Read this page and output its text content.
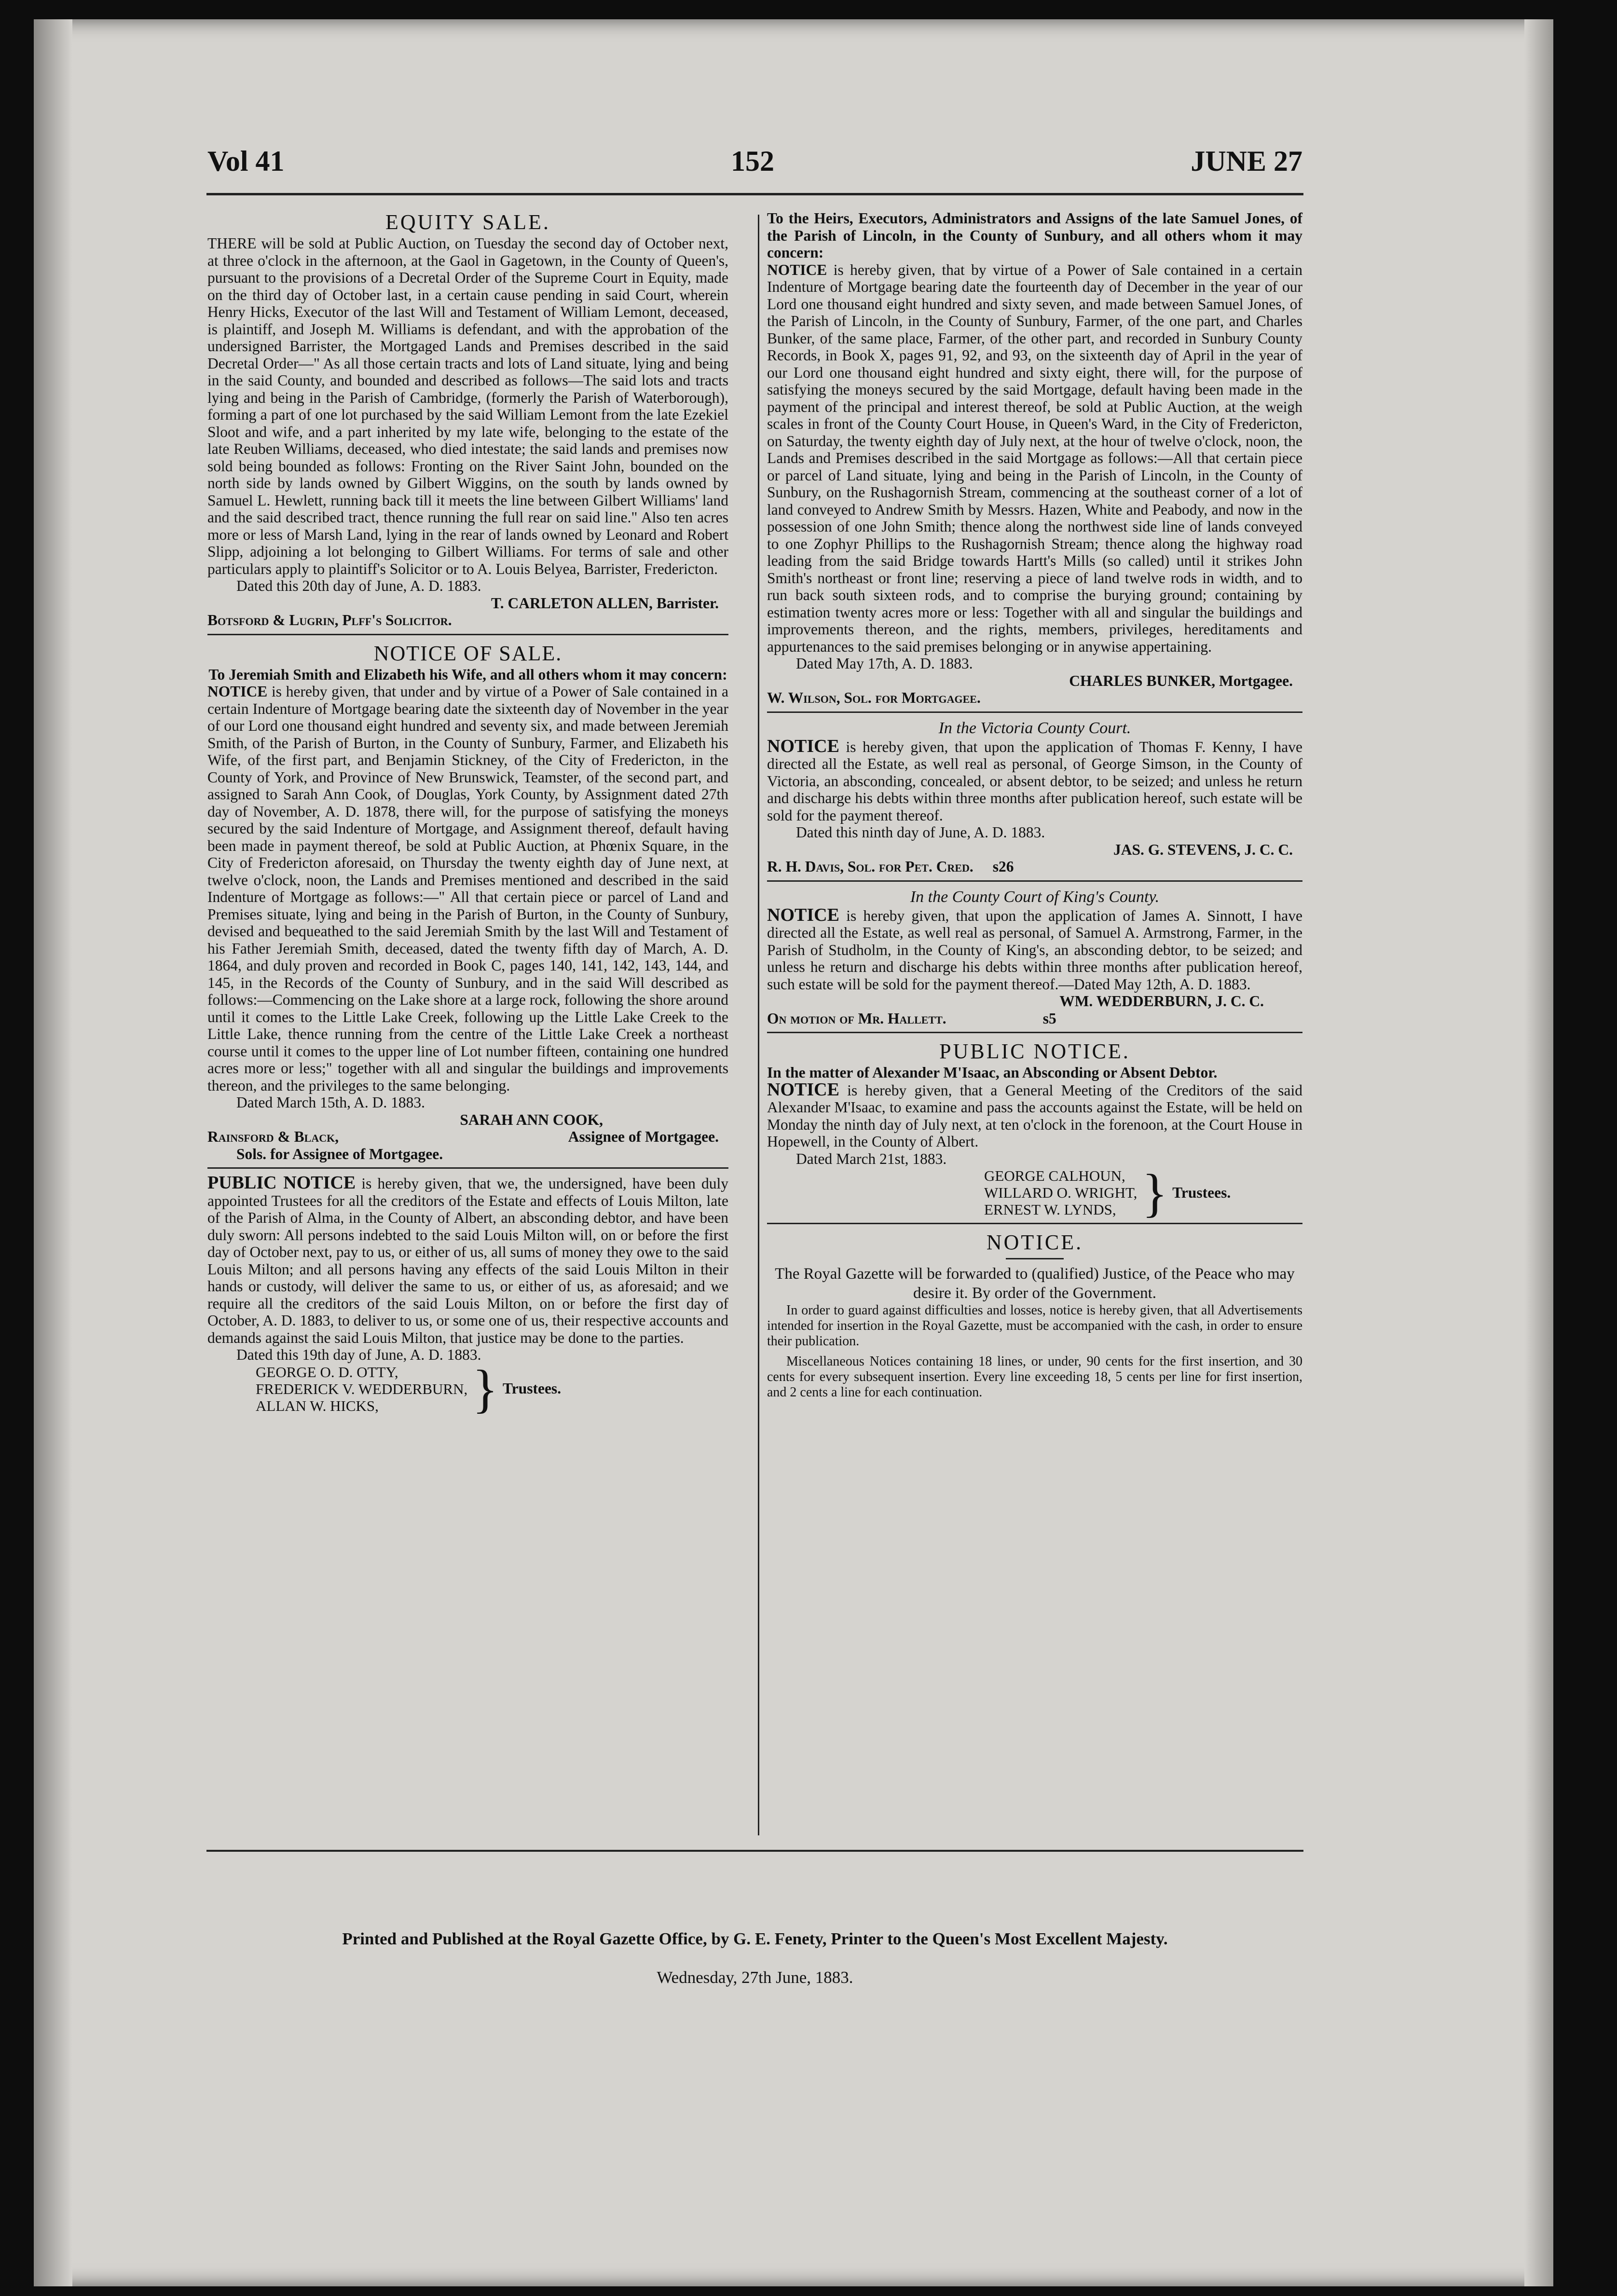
Vol 41	152	JUNE 27

EQUITY SALE.

THERE will be sold at Public Auction, on Tuesday the second day of October next, at three o'clock in the afternoon, at the Gaol in Gagetown, in the County of Queen's, pursuant to the provisions of a Decretal Order of the Supreme Court in Equity, made on the third day of October last, in a certain cause pending in said Court, wherein Henry Hicks, Executor of the last Will and Testament of William Lemont, deceased, is plaintiff, and Joseph M. Williams is defendant, and with the approbation of the undersigned Barrister, the Mortgaged Lands and Premises described in the said Decretal Order—" As all those certain tracts and lots of Land situate, lying and being in the said County, and bounded and described as follows—The said lots and tracts lying and being in the Parish of Cambridge, (formerly the Parish of Waterborough), forming a part of one lot purchased by the said William Lemont from the late Ezekiel Sloot and wife, and a part inherited by my late wife, belonging to the estate of the late Reuben Williams, deceased, who died intestate; the said lands and premises now sold being bounded as follows: Fronting on the River Saint John, bounded on the north side by lands owned by Gilbert Wiggins, on the south by lands owned by Samuel L. Hewlett, running back till it meets the line between Gilbert Williams' land and the said described tract, thence running the full rear on said line." Also ten acres more or less of Marsh Land, lying in the rear of lands owned by Leonard and Robert Slipp, adjoining a lot belonging to Gilbert Williams. For terms of sale and other particulars apply to plaintiff's Solicitor or to A. Louis Belyea, Barrister, Fredericton.

Dated this 20th day of June, A. D. 1883.

T. CARLETON ALLEN, Barrister.

Botsford & Lugrin, Plff's Solicitor.

NOTICE OF SALE.

To Jeremiah Smith and Elizabeth his Wife, and all others whom it may concern:

NOTICE is hereby given, that under and by virtue of a Power of Sale contained in a certain Indenture of Mortgage bearing date the sixteenth day of November in the year of our Lord one thousand eight hundred and seventy six, and made between Jeremiah Smith, of the Parish of Burton, in the County of Sunbury, Farmer, and Elizabeth his Wife, of the first part, and Benjamin Stickney, of the City of Fredericton, in the County of York, and Province of New Brunswick, Teamster, of the second part, and assigned to Sarah Ann Cook, of Douglas, York County, by Assignment dated 27th day of November, A. D. 1878, there will, for the purpose of satisfying the moneys secured by the said Indenture of Mortgage, and Assignment thereof, default having been made in payment thereof, be sold at Public Auction, at Phœnix Square, in the City of Fredericton aforesaid, on Thursday the twenty eighth day of June next, at twelve o'clock, noon, the Lands and Premises mentioned and described in the said Indenture of Mortgage as follows:—" All that certain piece or parcel of Land and Premises situate, lying and being in the Parish of Burton, in the County of Sunbury, devised and bequeathed to the said Jeremiah Smith by the last Will and Testament of his Father Jeremiah Smith, deceased, dated the twenty fifth day of March, A. D. 1864, and duly proven and recorded in Book C, pages 140, 141, 142, 143, 144, and 145, in the Records of the County of Sunbury, and in the said Will described as follows:—Commencing on the Lake shore at a large rock, following the shore around until it comes to the Little Lake Creek, following up the Little Lake Creek to the Little Lake, thence running from the centre of the Little Lake Creek a northeast course until it comes to the upper line of Lot number fifteen, containing one hundred acres more or less;" together with all and singular the buildings and improvements thereon, and the privileges to the same belonging.

Dated March 15th, A. D. 1883.

SARAH ANN COOK,

Rainsford & Black,	Assignee of Mortgagee.

Sols. for Assignee of Mortgagee.

PUBLIC NOTICE is hereby given, that we, the undersigned, have been duly appointed Trustees for all the creditors of the Estate and effects of Louis Milton, late of the Parish of Alma, in the County of Albert, an absconding debtor, and have been duly sworn: All persons indebted to the said Louis Milton will, on or before the first day of October next, pay to us, or either of us, all sums of money they owe to the said Louis Milton; and all persons having any effects of the said Louis Milton in their hands or custody, will deliver the same to us, or either of us, as aforesaid; and we require all the creditors of the said Louis Milton, on or before the first day of October, A. D. 1883, to deliver to us, or some one of us, their respective accounts and demands against the said Louis Milton, that justice may be done to the parties.

Dated this 19th day of June, A. D. 1883.

GEORGE O. D. OTTY,
FREDERICK V. WEDDERBURN,
ALLAN W. HICKS,	} Trustees.

To the Heirs, Executors, Administrators and Assigns of the late Samuel Jones, of the Parish of Lincoln, in the County of Sunbury, and all others whom it may concern:

NOTICE is hereby given, that by virtue of a Power of Sale contained in a certain Indenture of Mortgage bearing date the fourteenth day of December in the year of our Lord one thousand eight hundred and sixty seven, and made between Samuel Jones, of the Parish of Lincoln, in the County of Sunbury, Farmer, of the one part, and Charles Bunker, of the same place, Farmer, of the other part, and recorded in Sunbury County Records, in Book X, pages 91, 92, and 93, on the sixteenth day of April in the year of our Lord one thousand eight hundred and sixty eight, there will, for the purpose of satisfying the moneys secured by the said Mortgage, default having been made in the payment of the principal and interest thereof, be sold at Public Auction, at the weigh scales in front of the County Court House, in Queen's Ward, in the City of Fredericton, on Saturday, the twenty eighth day of July next, at the hour of twelve o'clock, noon, the Lands and Premises described in the said Mortgage as follows:—All that certain piece or parcel of Land situate, lying and being in the Parish of Lincoln, in the County of Sunbury, on the Rushagornish Stream, commencing at the southeast corner of a lot of land conveyed to Andrew Smith by Messrs. Hazen, White and Peabody, and now in the possession of one John Smith; thence along the northwest side line of lands conveyed to one Zophyr Phillips to the Rushagornish Stream; thence along the highway road leading from the said Bridge towards Hartt's Mills (so called) until it strikes John Smith's northeast or front line; reserving a piece of land twelve rods in width, and to run back south sixteen rods, and to comprise the burying ground; containing by estimation twenty acres more or less: Together with all and singular the buildings and improvements thereon, and the rights, members, privileges, hereditaments and appurtenances to the said premises belonging or in anywise appertaining.

Dated May 17th, A. D. 1883.

CHARLES BUNKER, Mortgagee.

W. Wilson, Sol. for Mortgagee.

In the Victoria County Court.

NOTICE is hereby given, that upon the application of Thomas F. Kenny, I have directed all the Estate, as well real as personal, of George Simson, in the County of Victoria, an absconding, concealed, or absent debtor, to be seized; and unless he return and discharge his debts within three months after publication hereof, such estate will be sold for the payment thereof.

Dated this ninth day of June, A. D. 1883.

JAS. G. STEVENS, J. C. C.

R. H. Davis, Sol. for Pet. Cred. s26

In the County Court of King's County.

NOTICE is hereby given, that upon the application of James A. Sinnott, I have directed all the Estate, as well real as personal, of Samuel A. Armstrong, Farmer, in the Parish of Studholm, in the County of King's, an absconding debtor, to be seized; and unless he return and discharge his debts within three months after publication hereof, such estate will be sold for the payment thereof.—Dated May 12th, A. D. 1883.

WM. WEDDERBURN, J. C. C.

On motion of Mr. Hallett.	s5

PUBLIC NOTICE.

In the matter of Alexander M'Isaac, an Absconding or Absent Debtor.

NOTICE is hereby given, that a General Meeting of the Creditors of the said Alexander M'Isaac, to examine and pass the accounts against the Estate, will be held on Monday the ninth day of July next, at ten o'clock in the forenoon, at the Court House in Hopewell, in the County of Albert.

Dated March 21st, 1883.

GEORGE CALHOUN,
WILLARD O. WRIGHT,
ERNEST W. LYNDS, } Trustees.

NOTICE.

The Royal Gazette will be forwarded to (qualified) Justice, of the Peace who may desire it. By order of the Government.

In order to guard against difficulties and losses, notice is hereby given, that all Advertisements intended for insertion in the Royal Gazette, must be accompanied with the cash, in order to ensure their publication.

Miscellaneous Notices containing 18 lines, or under, 90 cents for the first insertion, and 30 cents for every subsequent insertion. Every line exceeding 18, 5 cents per line for first insertion, and 2 cents a line for each continuation.

Printed and Published at the Royal Gazette Office, by G. E. Fenety, Printer to the Queen's Most Excellent Majesty.
Wednesday, 27th June, 1883.
